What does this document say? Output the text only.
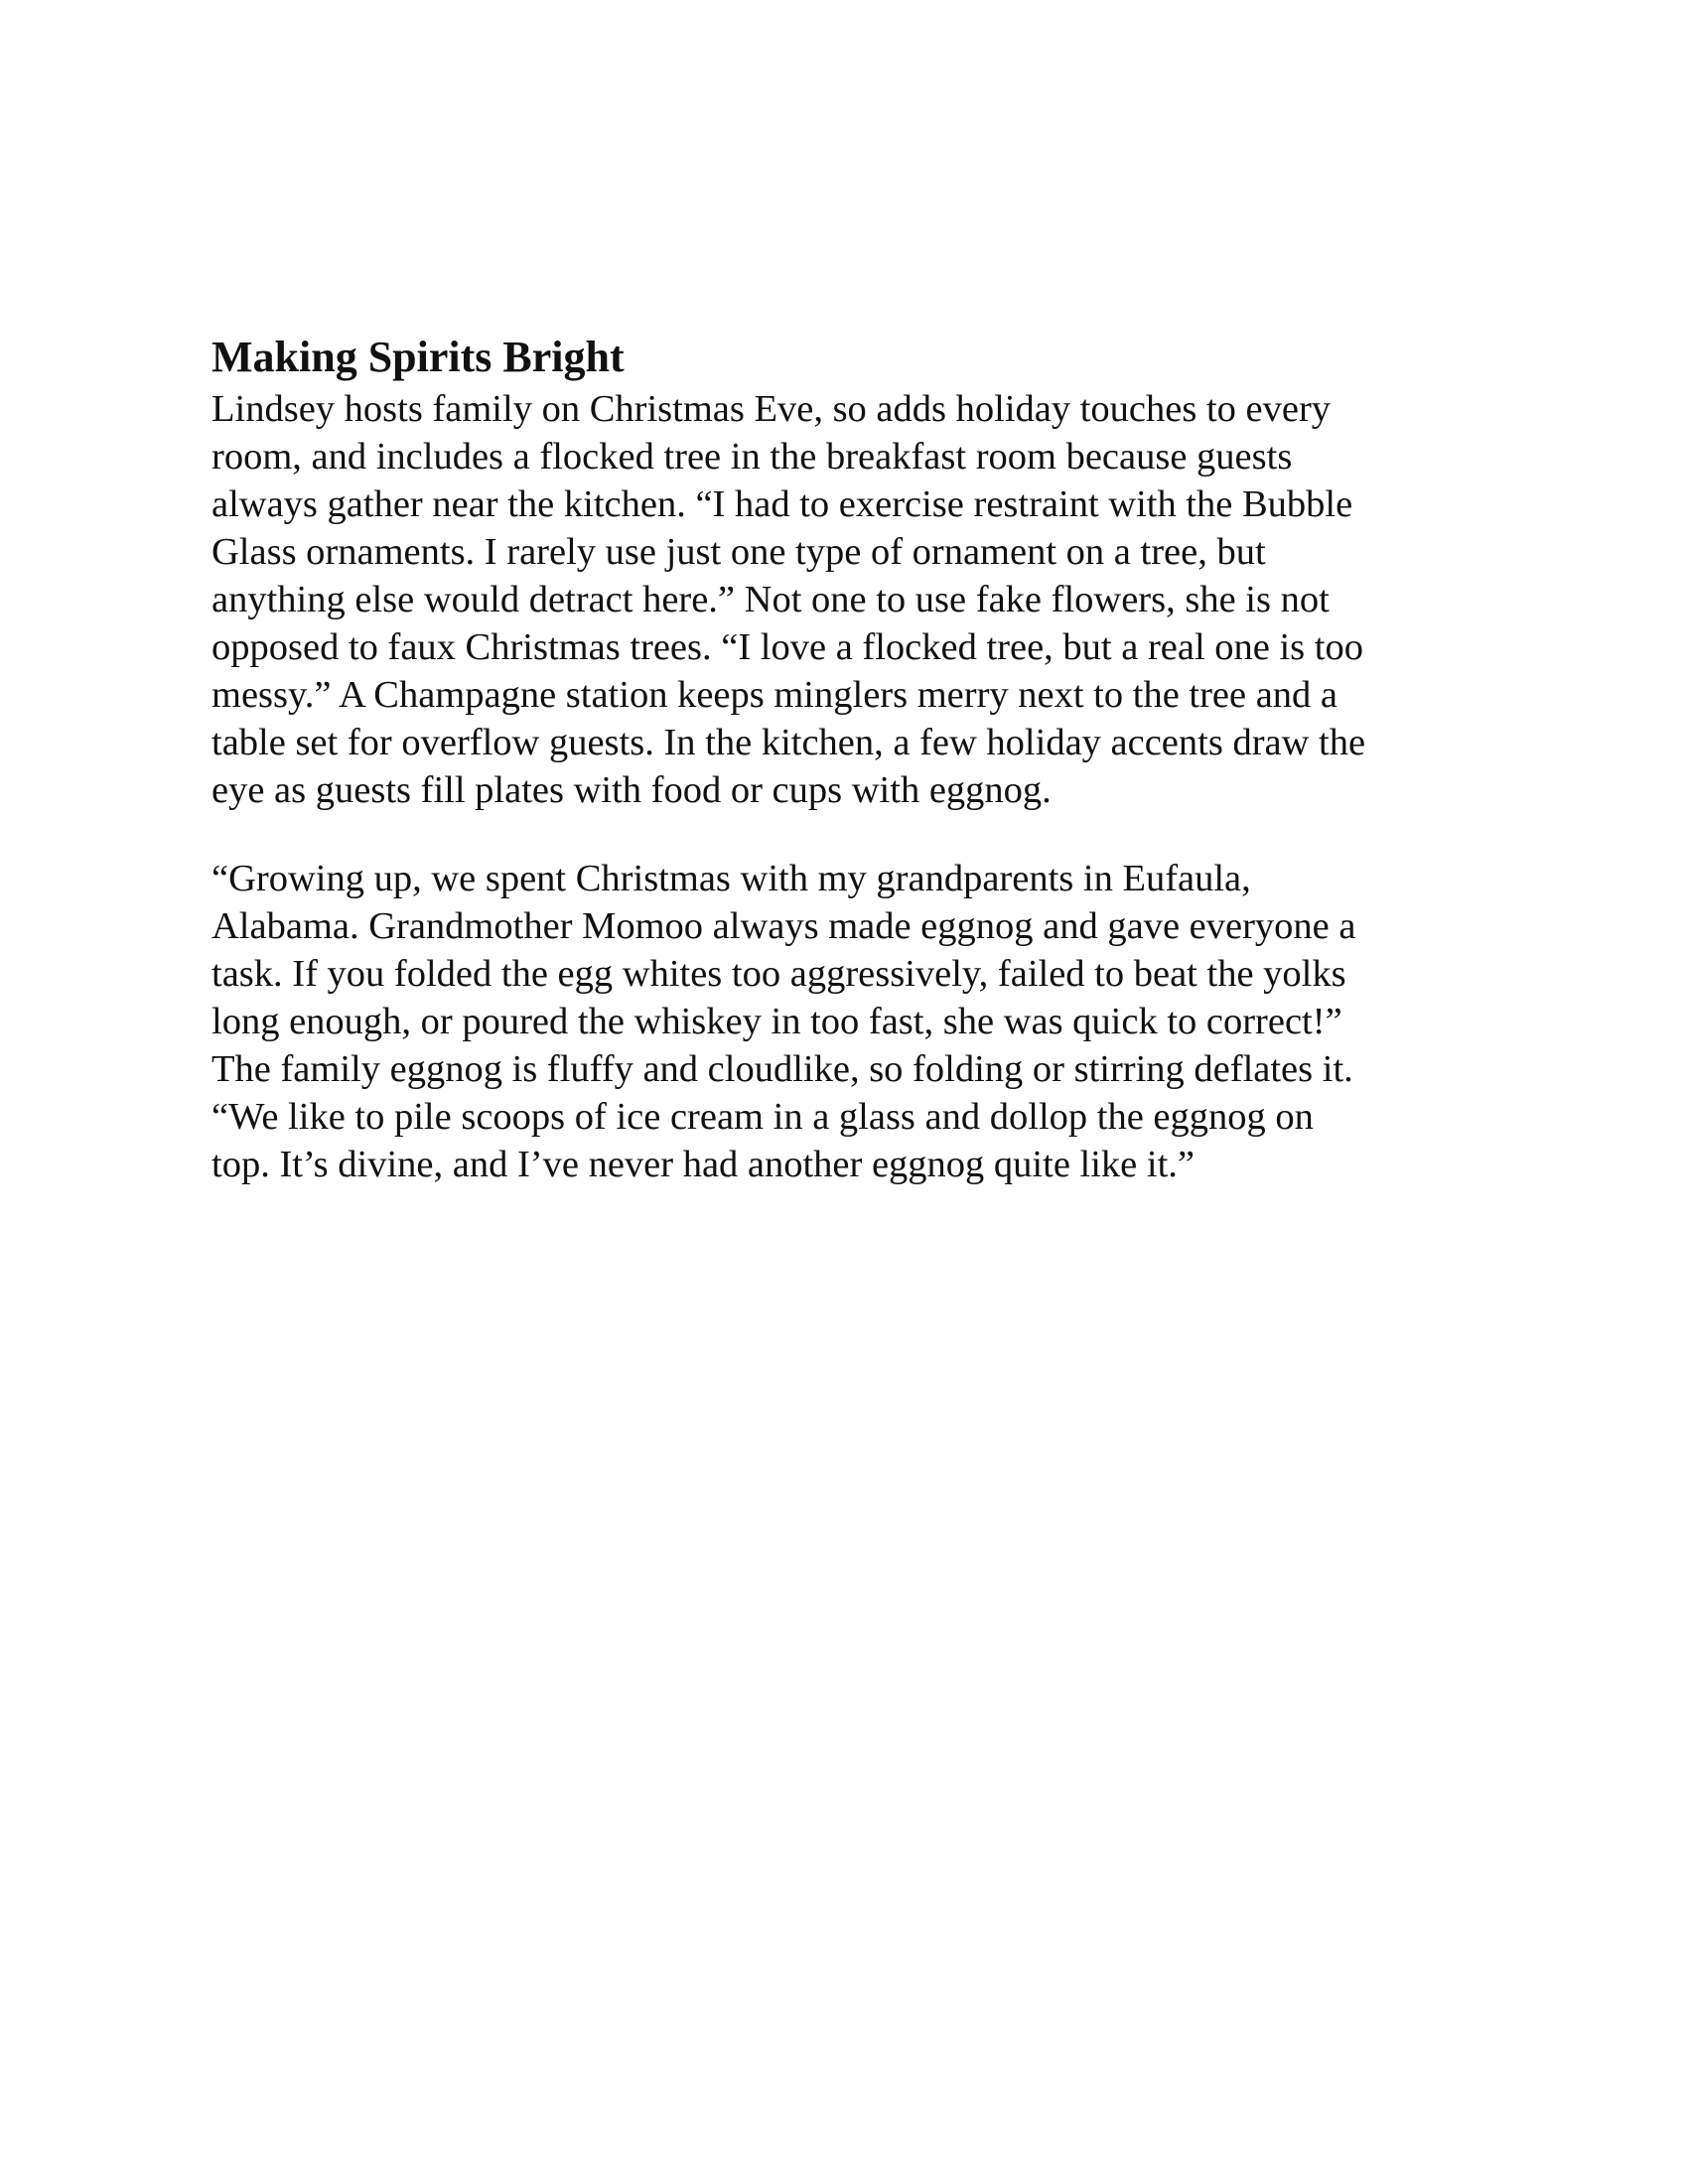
Making Spirits Bright

Lindsey hosts family on Christmas Eve, so adds holiday touches to every
room, and includes a flocked tree in the breakfast room because guests
always gather near the kitchen. “I had to exercise restraint with the Bubble
Glass ornaments. I rarely use just one type of ornament on a tree, but
anything else would detract here.” Not one to use fake flowers, she is not
opposed to faux Christmas trees. “I love a flocked tree, but a real one is too
messy.” A Champagne station keeps minglers merry next to the tree and a
table set for overflow guests. In the kitchen, a few holiday accents draw the
eye as guests fill plates with food or cups with eggnog.

“Growing up, we spent Christmas with my grandparents in Eufaula,
Alabama. Grandmother Momoo always made eggnog and gave everyone a
task. If you folded the egg whites too aggressively, failed to beat the yolks
long enough, or poured the whiskey in too fast, she was quick to correct!”
The family eggnog is fluffy and cloudlike, so folding or stirring deflates it.
“We like to pile scoops of ice cream in a glass and dollop the eggnog on
top. It’s divine, and I’ve never had another eggnog quite like it.”
